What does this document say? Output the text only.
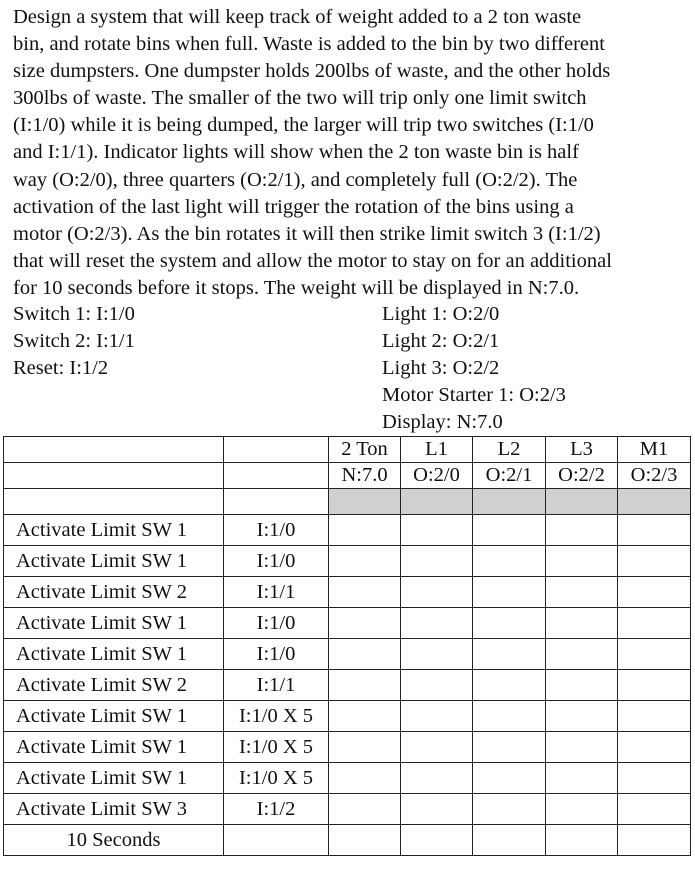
Design a system that will keep track of weight added to a 2 ton waste
bin, and rotate bins when full. Waste is added to the bin by two different
size dumpsters. One dumpster holds 200lbs of waste, and the other holds
300lbs of waste. The smaller of the two will trip only one limit switch
(I:1/0) while it is being dumped, the larger will trip two switches (I:1/0
and I:1/1). Indicator lights will show when the 2 ton waste bin is half
way (O:2/0), three quarters (O:2/1), and completely full (O:2/2). The
activation of the last light will trigger the rotation of the bins using a
motor (O:2/3). As the bin rotates it will then strike limit switch 3 (I:1/2)
that will reset the system and allow the motor to stay on for an additional
for 10 seconds before it stops. The weight will be displayed in N:7.0.
Switch 1: I:1/0
Switch 2: I:1/1
Reset: I:1/2
Light 1: O:2/0
Light 2: O:2/1
Light 3: O:2/2
Motor Starter 1: O:2/3
Display: N:7.0
		2 Ton	L1	L2	L3	M1
		N:7.0	O:2/0	O:2/1	O:2/2	O:2/3

Activate Limit SW 1	I:1/0					
Activate Limit SW 1	I:1/0					
Activate Limit SW 2	I:1/1					
Activate Limit SW 1	I:1/0					
Activate Limit SW 1	I:1/0					
Activate Limit SW 2	I:1/1					
Activate Limit SW 1	I:1/0 X 5					
Activate Limit SW 1	I:1/0 X 5					
Activate Limit SW 1	I:1/0 X 5					
Activate Limit SW 3	I:1/2					
10 Seconds						
